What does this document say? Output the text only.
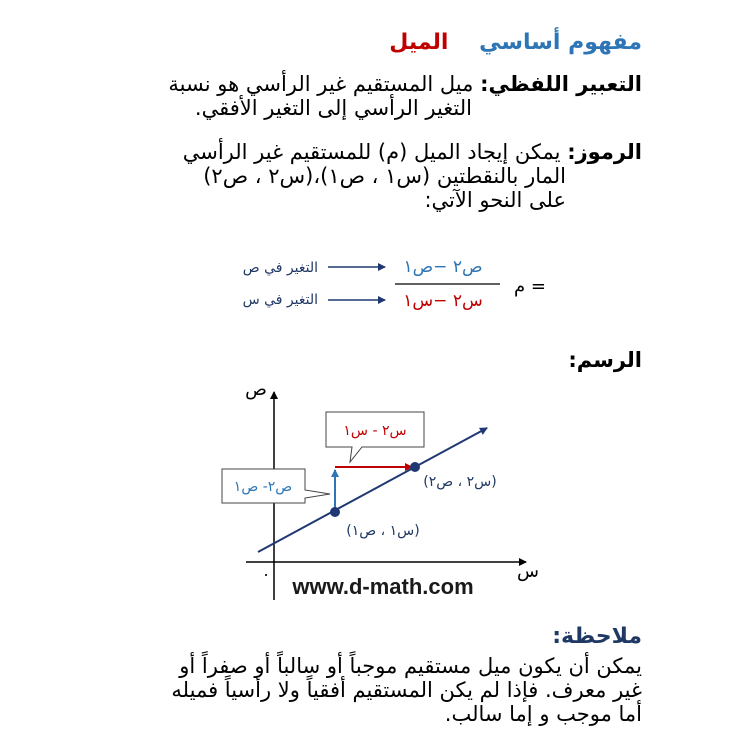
مفهوم أساسي    الميل
التعبير اللفظي: ميل المستقيم غير الرأسي هو نسبة
التغير الرأسي إلى التغير الأفقي.
الرموز: يمكن إيجاد الميل (م) للمستقيم غير الرأسي
المار بالنقطتين (س١ ، ص١)،(س٢ ، ص٢)
على النحو الآتي:
الرسم:
م =
ص٢ −ص١
س٢ −س١
التغير في ص
التغير في س
ص
س
.
(س١ ، ص١)
(س٢ ، ص٢)
س٢ - س١
ص٢- ص١
www.d-math.com
ملاحظة:
يمكن أن يكون ميل مستقيم موجباً أو سالباً أو صفراً أو
غير معرف. فإذا لم يكن المستقيم أفقياً ولا رأسياً فميله
أما موجب و إما سالب.
